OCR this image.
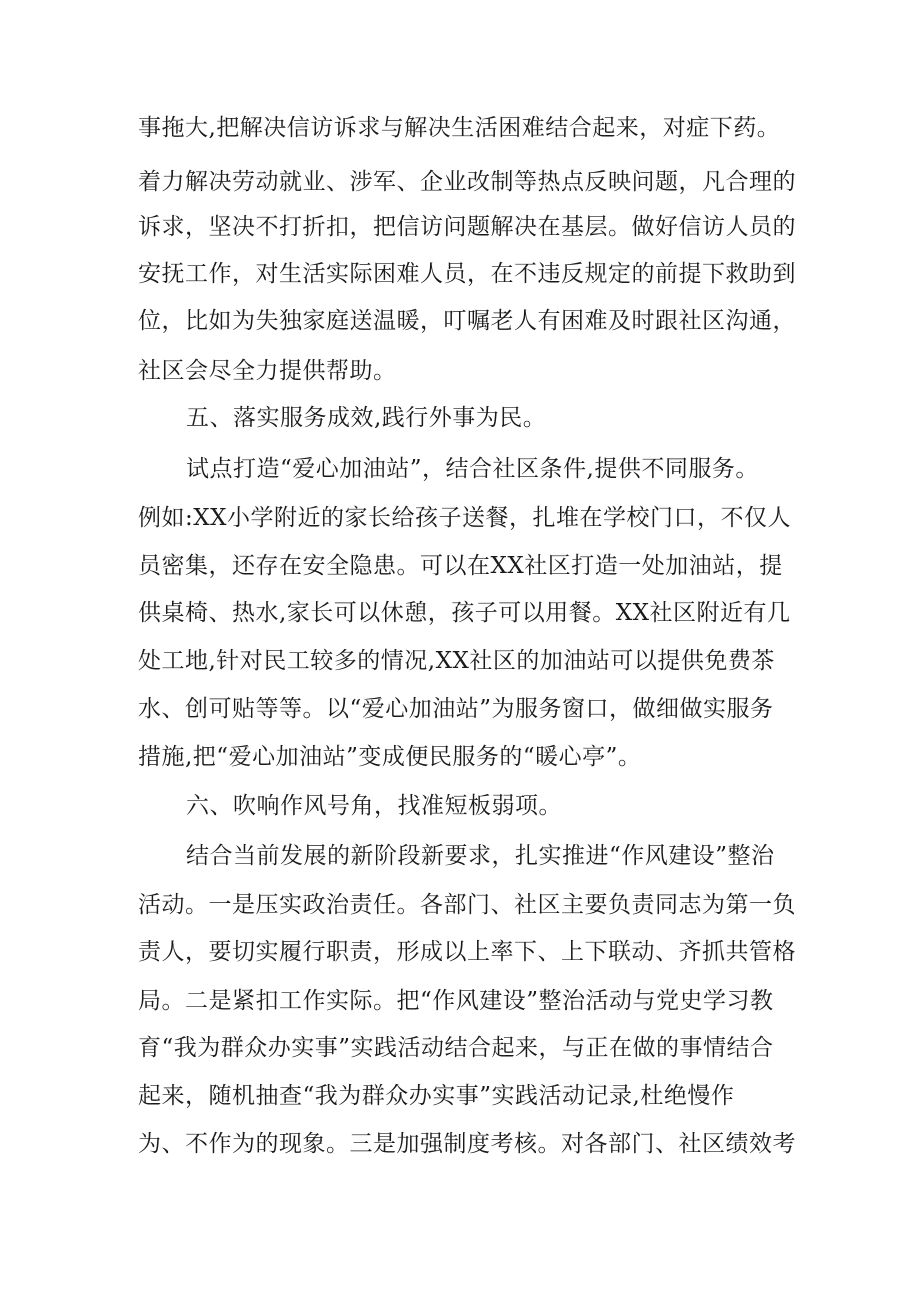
事拖大,把解决信访诉求与解决生活困难结合起来，对症下药。
着力解决劳动就业、涉军、企业改制等热点反映问题，凡合理的
诉求，坚决不打折扣，把信访问题解决在基层。做好信访人员的
安抚工作，对生活实际困难人员，在不违反规定的前提下救助到
位，比如为失独家庭送温暖，叮嘱老人有困难及时跟社区沟通，
社区会尽全力提供帮助。
五、落实服务成效,践行外事为民。
试点打造“爱心加油站”，结合社区条件,提供不同服务。
例如:XX小学附近的家长给孩子送餐，扎堆在学校门口，不仅人
员密集，还存在安全隐患。可以在XX社区打造一处加油站，提
供桌椅、热水,家长可以休憩，孩子可以用餐。XX社区附近有几
处工地,针对民工较多的情况,XX社区的加油站可以提供免费茶
水、创可贴等等。以“爱心加油站”为服务窗口，做细做实服务
措施,把“爱心加油站”变成便民服务的“暖心亭”。
六、吹响作风号角，找准短板弱项。
结合当前发展的新阶段新要求，扎实推进“作风建设”整治
活动。一是压实政治责任。各部门、社区主要负责同志为第一负
责人，要切实履行职责，形成以上率下、上下联动、齐抓共管格
局。二是紧扣工作实际。把“作风建设”整治活动与党史学习教
育“我为群众办实事”实践活动结合起来，与正在做的事情结合
起来，随机抽查“我为群众办实事”实践活动记录,杜绝慢作
为、不作为的现象。三是加强制度考核。对各部门、社区绩效考
